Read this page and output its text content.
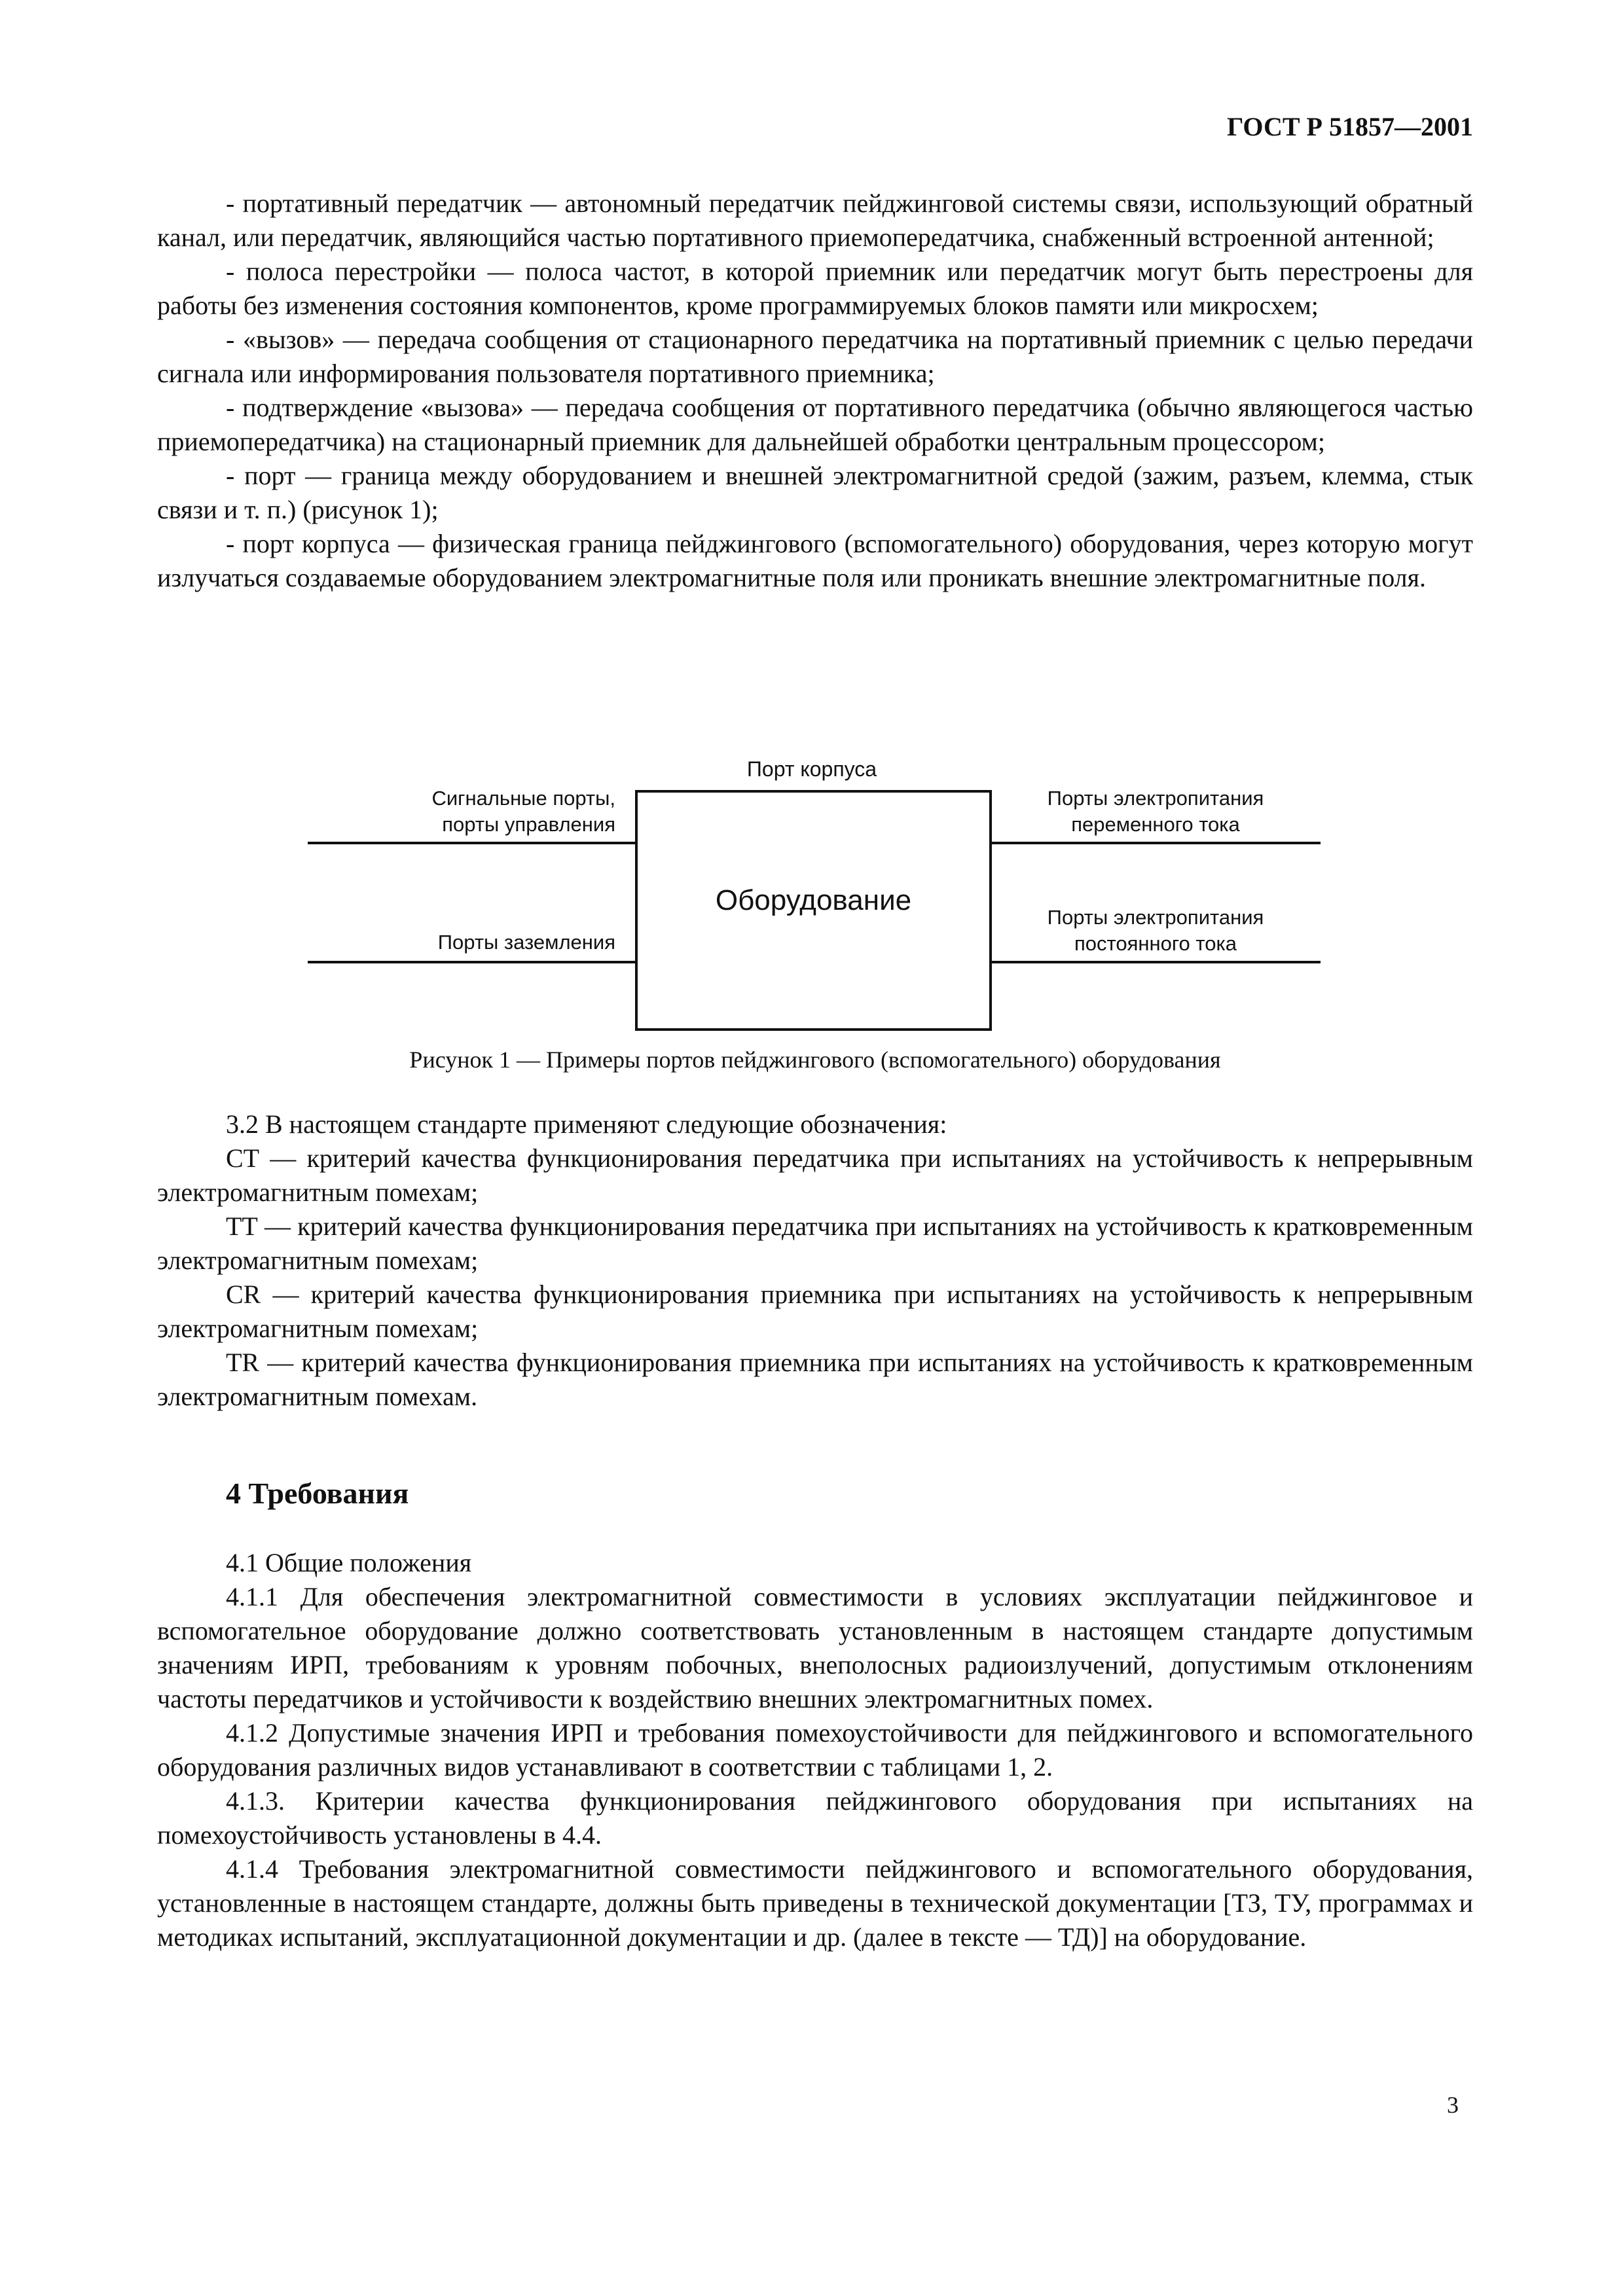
ГОСТ Р 51857—2001

- портативный передатчик — автономный передатчик пейджинговой системы связи, использующий обратный канал, или передатчик, являющийся частью портативного приемопередатчика, снабженный встроенной антенной;

- полоса перестройки — полоса частот, в которой приемник или передатчик могут быть перестроены для работы без изменения состояния компонентов, кроме программируемых блоков памяти или микросхем;

- «вызов» — передача сообщения от стационарного передатчика на портативный приемник с целью передачи сигнала или информирования пользователя портативного приемника;

- подтверждение «вызова» — передача сообщения от портативного передатчика (обычно являющегося частью приемопередатчика) на стационарный приемник для дальнейшей обработки центральным процессором;

- порт — граница между оборудованием и внешней электромагнитной средой (зажим, разъем, клемма, стык связи и т. п.) (рисунок 1);

- порт корпуса — физическая граница пейджингового (вспомогательного) оборудования, через которую могут излучаться создаваемые оборудованием электромагнитные поля или проникать внешние электромагнитные поля.

Порт корпуса
Оборудование
Сигнальные порты,
порты управления
Порты заземления
Порты электропитания
переменного тока
Порты электропитания
постоянного тока
Рисунок 1 — Примеры портов пейджингового (вспомогательного) оборудования

3.2 В настоящем стандарте применяют следующие обозначения:

СТ — критерий качества функционирования передатчика при испытаниях на устойчивость к непрерывным электромагнитным помехам;

ТТ — критерий качества функционирования передатчика при испытаниях на устойчивость к кратковременным электромагнитным помехам;

CR — критерий качества функционирования приемника при испытаниях на устойчивость к непрерывным электромагнитным помехам;

TR — критерий качества функционирования приемника при испытаниях на устойчивость к кратковременным электромагнитным помехам.

4 Требования

4.1 Общие положения

4.1.1 Для обеспечения электромагнитной совместимости в условиях эксплуатации пейджинговое и вспомогательное оборудование должно соответствовать установленным в настоящем стандарте допустимым значениям ИРП, требованиям к уровням побочных, внеполосных радиоизлучений, допустимым отклонениям частоты передатчиков и устойчивости к воздействию внешних электромагнитных помех.

4.1.2 Допустимые значения ИРП и требования помехоустойчивости для пейджингового и вспомогательного оборудования различных видов устанавливают в соответствии с таблицами 1, 2.

4.1.3. Критерии качества функционирования пейджингового оборудования при испытаниях на помехоустойчивость установлены в 4.4.

4.1.4 Требования электромагнитной совместимости пейджингового и вспомогательного оборудования, установленные в настоящем стандарте, должны быть приведены в технической документации [ТЗ, ТУ, программах и методиках испытаний, эксплуатационной документации и др. (далее в тексте — ТД)] на оборудование.

3
